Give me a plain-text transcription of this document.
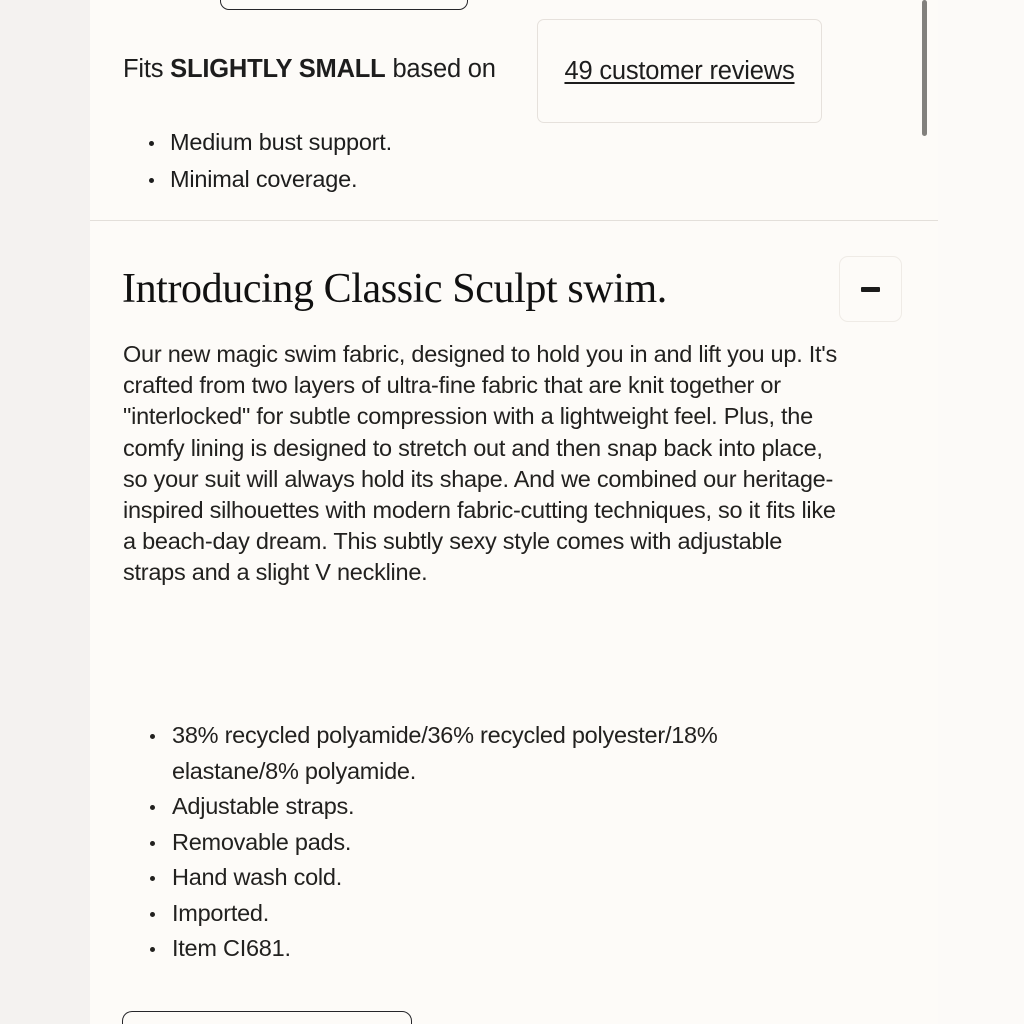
Fits SLIGHTLY SMALL based on	49 customer reviews
Medium bust support.
Minimal coverage.
Introducing Classic Sculpt swim.

Our new magic swim fabric, designed to hold you in and lift you up. It's crafted from two layers of ultra-fine fabric that are knit together or "interlocked" for subtle compression with a lightweight feel. Plus, the comfy lining is designed to stretch out and then snap back into place, so your suit will always hold its shape. And we combined our heritage-inspired silhouettes with modern fabric-cutting techniques, so it fits like a beach-day dream. This subtly sexy style comes with adjustable straps and a slight V neckline.

38% recycled polyamide/36% recycled polyester/18% elastane/8% polyamide.
Adjustable straps.
Removable pads.
Hand wash cold.
Imported.
Item CI681.
